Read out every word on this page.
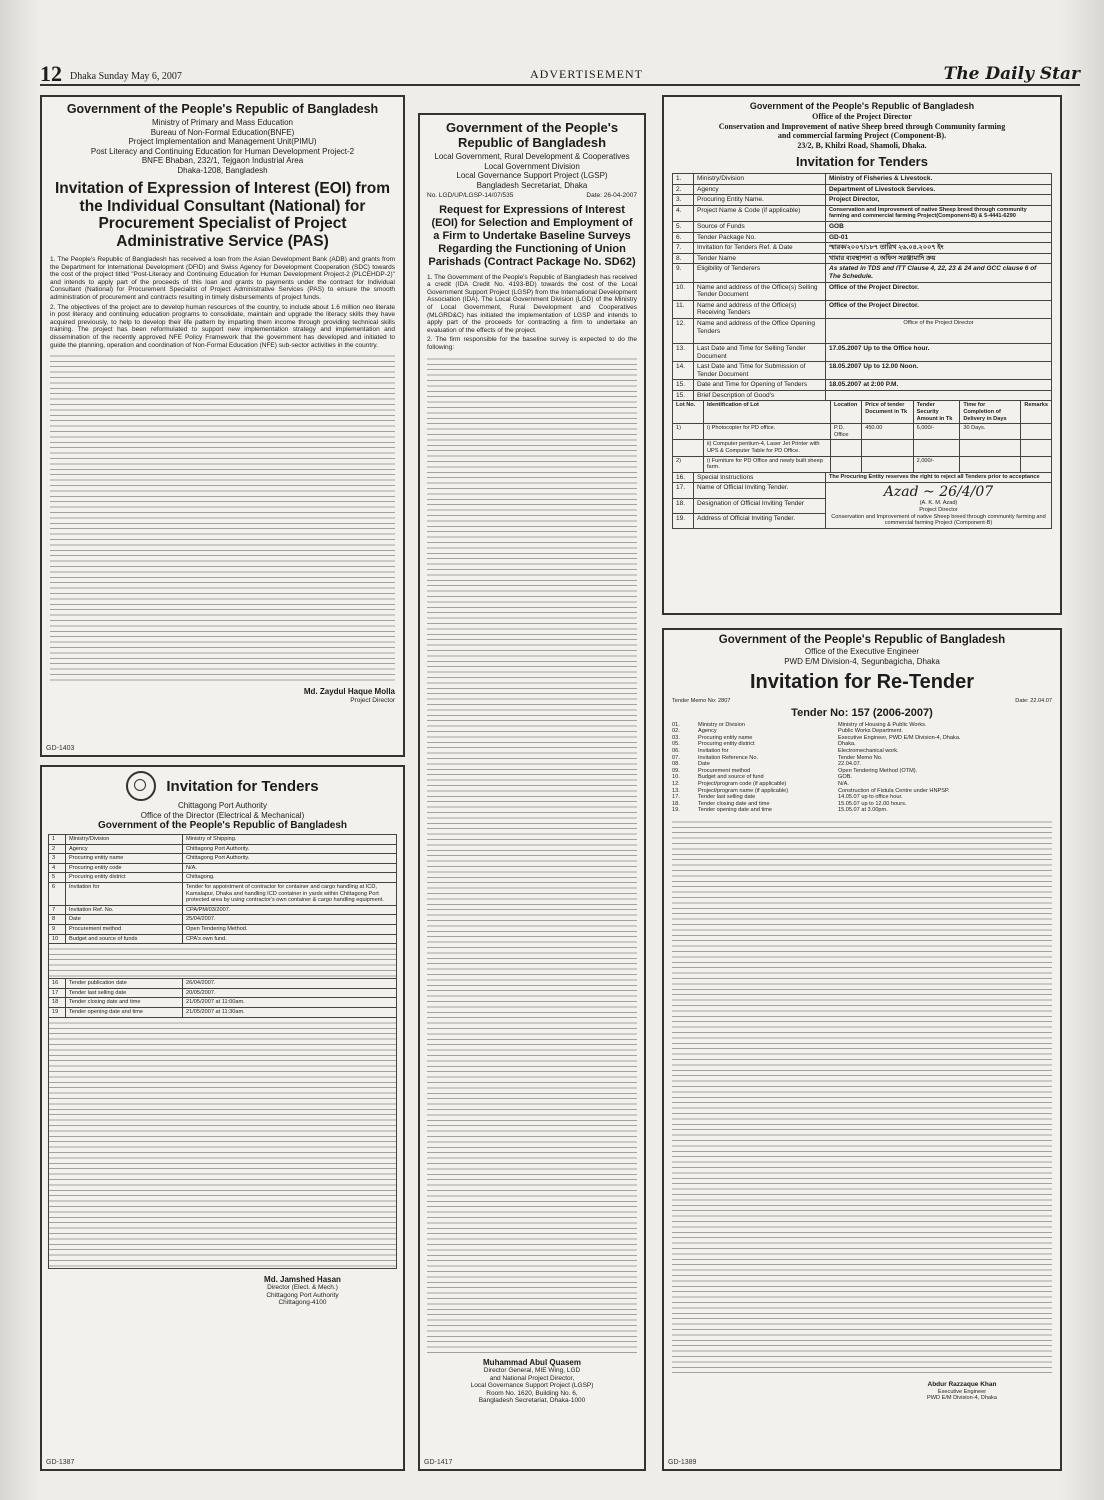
12 Dhaka Sunday May 6, 2007	ADVERTISEMENT	The Daily Star
Government of the People's Republic of Bangladesh
Ministry of Primary and Mass Education
Bureau of Non-Formal Education(BNFE)
Project Implementation and Management Unit(PIMU)
Post Literacy and Continuing Education for Human Development Project-2
BNFE Bhaban, 232/1, Tejgaon Industrial Area
Dhaka-1208, Bangladesh
Invitation of Expression of Interest (EOI) from the Individual Consultant (National) for Procurement Specialist of Project Administrative Service (PAS)

1. The People's Republic of Bangladesh has received a loan from the Asian Development Bank (ADB) and grants from the Department for International Development (DFID) and Swiss Agency for Development Cooperation (SDC) towards the cost of the project titled "Post-Literacy and Continuing Education for Human Development Project-2 (PLCEHDP-2)" and intends to apply part of the proceeds of this loan and grants to payments under the contract for Individual Consultant (National) for Procurement Specialist of Project Administrative Services (PAS) to ensure the smooth administration of procurement and contracts resulting in timely disbursements of project funds.

2. The objectives of the project are to develop human resources of the country, to include about 1.6 million neo literate in post literacy and continuing education programs to consolidate, maintain and upgrade the literacy skills they have acquired previously, to help to develop their life pattern by imparting them income through providing technical skills training. The project has been reformulated to support new implementation strategy and implementation and dissemination of the recently approved NFE Policy Framework that the government has developed and initiated to guide the planning, operation and coordination of Non-Formal Education (NFE) sub-sector activities in the country.

Md. Zaydul Haque Molla
Project Director
GD-1403
Invitation for Tenders
Chittagong Port Authority
Office of the Director (Electrical & Mechanical)
Government of the People's Republic of Bangladesh
1	Ministry/Division	Ministry of Shipping.
2	Agency	Chittagong Port Authority.
3	Procuring entity name	Chittagong Port Authority.
4	Procuring entity code	N/A.
5	Procuring entity district	Chittagong.
6	Invitation for	Tender for appointment of contractor for container and cargo handling at ICD, Kamalapur, Dhaka and handling ICD container in yards within Chittagong Port protected area by using contractor's own container & cargo handling equipment.
7	Invitation Ref. No.	CPA/PM/03/2007.
8	Date	25/04/2007.
9	Procurement method	Open Tendering Method.
10	Budget and source of funds	CPA's own fund.

16	Tender publication date	26/04/2007.
17	Tender last selling date	20/05/2007.
18	Tender closing date and time	21/05/2007 at 11:00am.
19	Tender opening date and time	21/05/2007 at 11:30am.

Md. Jamshed Hasan
Director (Elect. & Mech.)
Chittagong Port Authority
Chittagong-4100
GD-1387
Government of the People's Republic of Bangladesh
Local Government, Rural Development & Cooperatives
Local Government Division
Local Governance Support Project (LGSP)
Bangladesh Secretariat, Dhaka
No. LGD/UP/LGSP-14/07/535	Date: 26-04-2007
Request for Expressions of Interest (EOI) for Selection and Employment of a Firm to Undertake Baseline Surveys Regarding the Functioning of Union Parishads (Contract Package No. SD62)

1. The Government of the People's Republic of Bangladesh has received a credit (IDA Credit No. 4193-BD) towards the cost of the Local Government Support Project (LGSP) from the International Development Association (IDA). The Local Government Division (LGD) of the Ministry of Local Government, Rural Development and Cooperatives (MLGRD&C) has initiated the implementation of LGSP and intends to apply part of the proceeds for contracting a firm to undertake an evaluation of the effects of the project.

2. The firm responsible for the baseline survey is expected to do the following:

Muhammad Abul Quasem
Director General, MIE Wing, LGD
and National Project Director,
Local Governance Support Project (LGSP)
Room No. 1620, Building No. 6,
Bangladesh Secretariat, Dhaka-1000
GD-1417
Government of the People's Republic of Bangladesh
Office of the Project Director
Conservation and Improvement of native Sheep breed through Community farming and commercial farming Project (Component-B).
23/2, B, Khilzi Road, Shamoli, Dhaka.
Invitation for Tenders
1.	Ministry/Division	Ministry of Fisheries & Livestock.
2.	Agency	Department of Livestock Services.
3.	Procuring Entity Name.	Project Director,
4.	Project Name & Code (if applicable)	Conservation and Improvement of native Sheep breed through community farming and commercial farming Project(Component-B) & 5-4441-6290
5.	Source of Funds	GOB
6.	Tender Package No.	GD-01
7.	Invitation for Tenders Ref. & Date	স্মারক/২০০৭/১৮৭ তারিখ ২৬.০৪.২০০৭ ইং
8.	Tender Name	খামার ব্যবস্থাপনা ও অফিস সরঞ্জামাদি ক্রয়
9.	Eligibility of Tenderers	As stated in TDS and ITT Clause 4, 22, 23 & 24 and GCC clause 6 of The Schedule.
10.	Name and address of the Office(s) Selling Tender Document	Office of the Project Director.
11.	Name and address of the Office(s) Receiving Tenders	Office of the Project Director.
12.	Name and address of the Office Opening Tenders	Office of the Project Director
13.	Last Date and Time for Selling Tender Document	17.05.2007 Up to the Office hour.
14.	Last Date and Time for Submission of Tender Document	18.05.2007 Up to 12.00 Noon.
15.	Date and Time for Opening of Tenders	18.05.2007 at 2:00 P.M.
15.	Brief Description of Good's	
Lot No.	Identification of Lot	Location	Price of tender Document in Tk	Tender Security Amount in Tk	Time for Completion of Delivery in Days	Remarks
1)	i) Photocopier for PD office.	P.D. Office	450.00	6,000/-	30 Days.	
	ii) Computer pentium-4, Laser Jet Printer with UPS & Computer Table for PD Office.					
2)	i) Furniture for PD Office and newly built sheep farm.			2,000/-		
16.	Special Instructions	The Procuring Entity reserves the right to reject all Tenders prior to acceptance
17.	Name of Official Inviting Tender.	Azad ~ 26/4/07
(A. K. M. Azad)
Project Director
Conservation and Improvement of native Sheep breed through community farming and commercial farming Project (Component-B)

18.	Designation of Official Inviting Tender	
19.	Address of Official Inviting Tender.	
Government of the People's Republic of Bangladesh
Office of the Executive Engineer
PWD E/M Division-4, Segunbagicha, Dhaka
Invitation for Re-Tender
Tender Memo No: 2807	Date: 22.04.07
Tender No: 157 (2006-2007)
01.	Ministry or Division	Ministry of Housing & Public Works.
02.	Agency	Public Works Department.
03.	Procuring entity name	Executive Engineer, PWD E/M Division-4, Dhaka.
05.	Procuring entity district	Dhaka.
06.	Invitation for	Electromechanical work.
07.	Invitation Reference No.	Tender Memo No.
08.	Date	22.04.07.
09.	Procurement method	Open Tendering Method (OTM).
10.	Budget and source of fund	GOB.
12.	Project/program code (if applicable)	N/A.
13.	Project/program name (if applicable)	Construction of Fistula Centre under HNPSP.
17.	Tender last selling date	14.05.07 up to office hour.
18.	Tender closing date and time	15.05.07 up to 12.00 hours.
19.	Tender opening date and time	15.05.07 at 3.00pm.
Abdur Razzaque Khan
Executive Engineer
PWD E/M Division-4, Dhaka
GD-1389
